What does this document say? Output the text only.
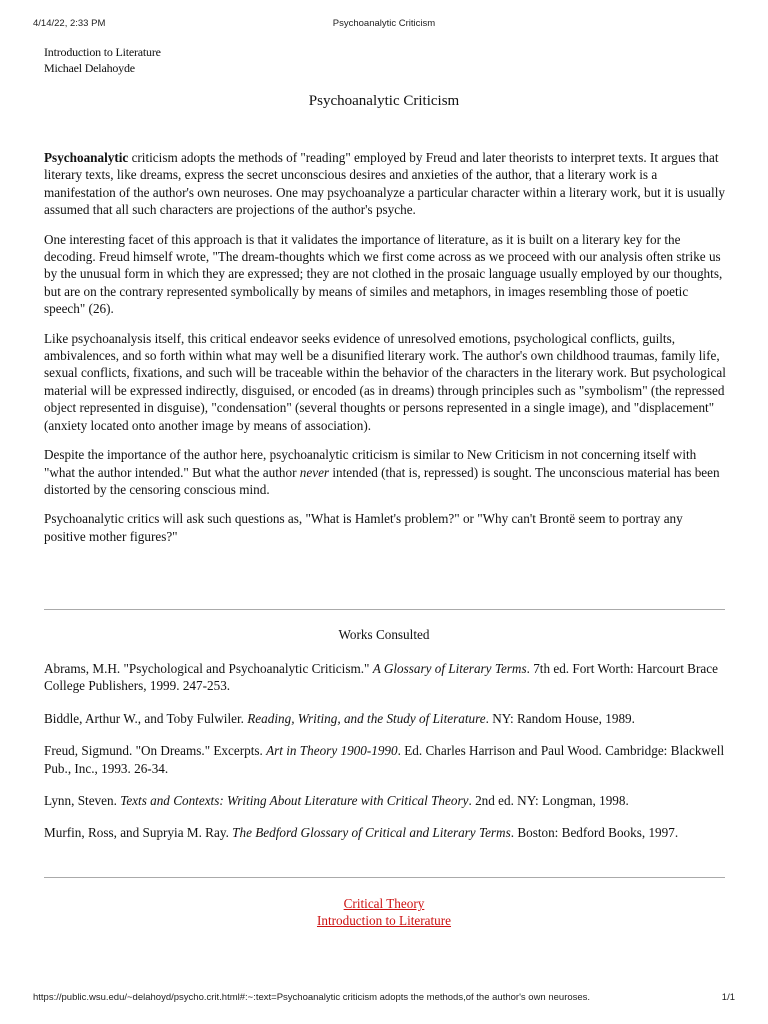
4/14/22, 2:33 PM	Psychoanalytic Criticism
Introduction to Literature
Michael Delahoyde
Psychoanalytic Criticism

Psychoanalytic criticism adopts the methods of "reading" employed by Freud and later theorists to interpret texts. It argues that literary texts, like dreams, express the secret unconscious desires and anxieties of the author, that a literary work is a manifestation of the author's own neuroses. One may psychoanalyze a particular character within a literary work, but it is usually assumed that all such characters are projections of the author's psyche.

One interesting facet of this approach is that it validates the importance of literature, as it is built on a literary key for the decoding. Freud himself wrote, "The dream-thoughts which we first come across as we proceed with our analysis often strike us by the unusual form in which they are expressed; they are not clothed in the prosaic language usually employed by our thoughts, but are on the contrary represented symbolically by means of similes and metaphors, in images resembling those of poetic speech" (26).

Like psychoanalysis itself, this critical endeavor seeks evidence of unresolved emotions, psychological conflicts, guilts, ambivalences, and so forth within what may well be a disunified literary work. The author's own childhood traumas, family life, sexual conflicts, fixations, and such will be traceable within the behavior of the characters in the literary work. But psychological material will be expressed indirectly, disguised, or encoded (as in dreams) through principles such as "symbolism" (the repressed object represented in disguise), "condensation" (several thoughts or persons represented in a single image), and "displacement" (anxiety located onto another image by means of association).

Despite the importance of the author here, psychoanalytic criticism is similar to New Criticism in not concerning itself with "what the author intended." But what the author never intended (that is, repressed) is sought. The unconscious material has been distorted by the censoring conscious mind.

Psychoanalytic critics will ask such questions as, "What is Hamlet's problem?" or "Why can't Brontë seem to portray any positive mother figures?"

Works Consulted

Abrams, M.H. "Psychological and Psychoanalytic Criticism." A Glossary of Literary Terms. 7th ed. Fort Worth: Harcourt Brace College Publishers, 1999. 247-253.

Biddle, Arthur W., and Toby Fulwiler. Reading, Writing, and the Study of Literature. NY: Random House, 1989.

Freud, Sigmund. "On Dreams." Excerpts. Art in Theory 1900-1990. Ed. Charles Harrison and Paul Wood. Cambridge: Blackwell Pub., Inc., 1993. 26-34.

Lynn, Steven. Texts and Contexts: Writing About Literature with Critical Theory. 2nd ed. NY: Longman, 1998.

Murfin, Ross, and Supryia M. Ray. The Bedford Glossary of Critical and Literary Terms. Boston: Bedford Books, 1997.

Critical Theory
Introduction to Literature
https://public.wsu.edu/~delahoyd/psycho.crit.html#:~:text=Psychoanalytic criticism adopts the methods,of the author's own neuroses.	1/1
